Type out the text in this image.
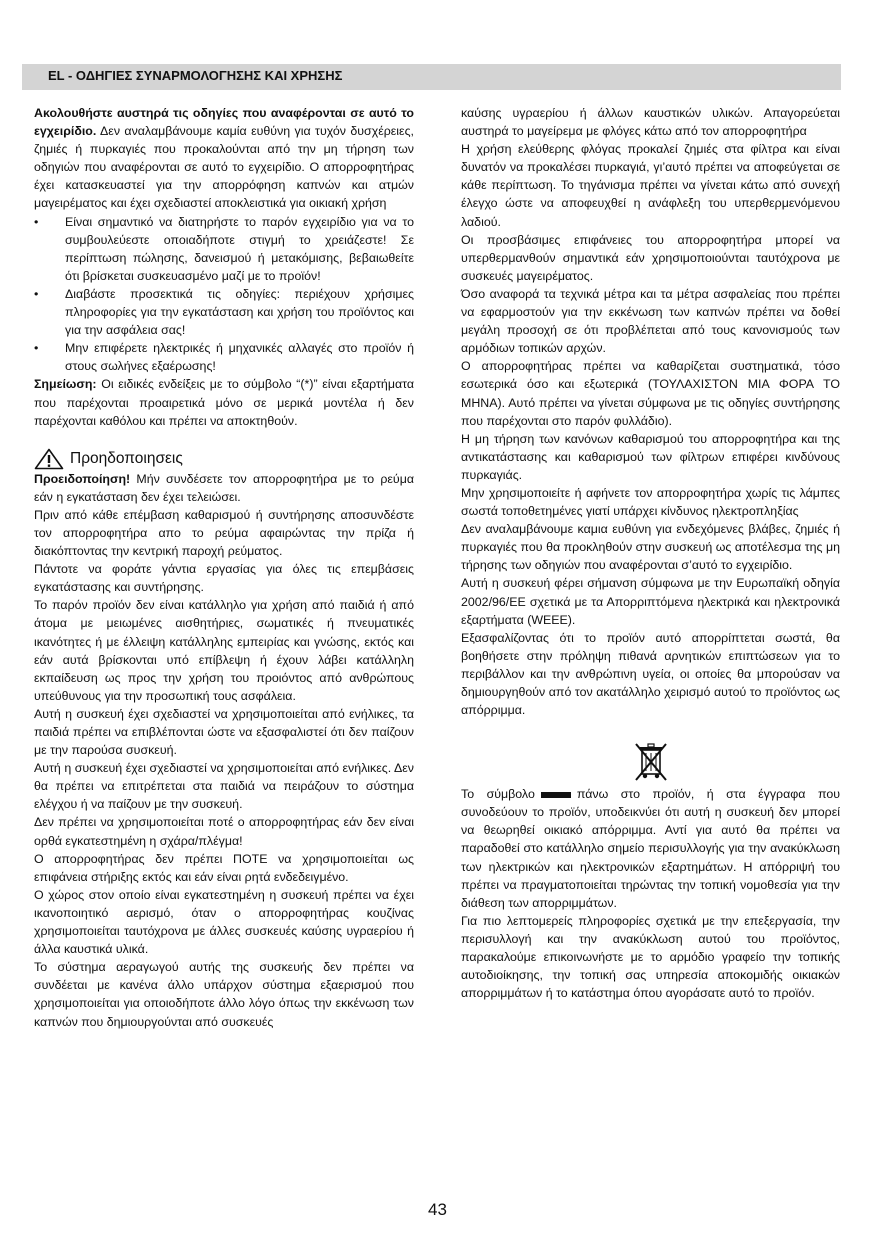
EL - ΟΔΗΓΙΕΣ ΣΥΝΑΡΜΟΛΟΓΗΣΗΣ ΚΑΙ ΧΡΗΣΗΣ

Ακολουθήστε αυστηρά τις οδηγίες που αναφέρονται σε αυτό το εγχειρίδιο. Δεν αναλαμβάνουμε καμία ευθύνη για τυχόν δυσχέρειες, ζημιές ή πυρκαγιές που προκαλούνται από την μη τήρηση των οδηγιών που αναφέρονται σε αυτό το εγχειρίδιο. Ο απορροφητήρας έχει κατασκευαστεί για την απορρόφηση καπνών και ατμών μαγειρέματος και έχει σχεδιαστεί αποκλειστικά για οικιακή χρήση

• Είναι σημαντικό να διατηρήστε το παρόν εγχειρίδιο για να το συμβουλεύεστε οποιαδήποτε στιγμή το χρειάζεστε! Σε περίπτωση πώλησης, δανεισμού ή μετακόμισης, βεβαιωθείτε ότι βρίσκεται συσκευασμένο μαζί με το προϊόν!
• Διαβάστε προσεκτικά τις οδηγίες: περιέχουν χρήσιμες πληροφορίες για την εγκατάσταση και χρήση του προϊόντος και για την ασφάλεια σας!
• Μην επιφέρετε ηλεκτρικές ή μηχανικές αλλαγές στο προϊόν ή στους σωλήνες εξαέρωσης!

Σημείωση: Οι ειδικές ενδείξεις με το σύμβολο “(*)” είναι εξαρτήματα που παρέχονται προαιρετικά μόνο σε μερικά μοντέλα ή δεν παρέχονται καθόλου και πρέπει να αποκτηθούν.

Προηδοποιησεις

Προειδοποίηση! Μήν συνδέσετε τον απορροφητήρα με το ρεύμα εάν η εγκατάσταση δεν έχει τελειώσει.

Πριν από κάθε επέμβαση καθαρισμού ή συντήρησης αποσυνδέστε τον απορροφητήρα απο το ρεύμα αφαιρώντας την πρίζα ή διακόπτοντας την κεντρική παροχή ρεύματος.

Πάντοτε να φοράτε γάντια εργασίας για όλες τις επεμβάσεις εγκατάστασης και συντήρησης.

Το παρόν προϊόν δεν είναι κατάλληλο για χρήση από παιδιά ή από άτομα με μειωμένες αισθητήριες, σωματικές ή πνευματικές ικανότητες ή με έλλειψη κατάλληλης εμπειρίας και γνώσης, εκτός και εάν αυτά βρίσκονται υπό επίβλεψη ή έχουν λάβει κατάλληλη εκπαίδευση ως προς την χρήση του προιόντος από ανθρώπους υπεύθυνους για την προσωπική τους ασφάλεια.

Αυτή η συσκευή έχει σχεδιαστεί να χρησιμοποιείται από ενήλικες, τα παιδιά πρέπει να επιβλέπονται ώστε να εξασφαλιστεί ότι δεν παίζουν με την παρούσα συσκευή.

Αυτή η συσκευή έχει σχεδιαστεί να χρησιμοποιείται από ενήλικες. Δεν θα πρέπει να επιτρέπεται στα παιδιά να πειράζουν το σύστημα ελέγχου ή να παίζουν με την συσκευή.

Δεν πρέπει να χρησιμοποιείται ποτέ ο απορροφητήρας εάν δεν είναι ορθά εγκατεστημένη η σχάρα/πλέγμα!

Ο απορροφητήρας δεν πρέπει ΠΟΤΕ να χρησιμοποιείται ως επιφάνεια στήριξης εκτός και εάν είναι ρητά ενδεδειγμένο.

Ο χώρος στον οποίο είναι εγκατεστημένη η συσκευή πρέπει να έχει ικανοποιητικό αερισμό, όταν ο απορροφητήρας κουζίνας χρησιμοποιείται ταυτόχρονα με άλλες συσκευές καύσης υγραερίου ή άλλα καυστικά υλικά.

Το σύστημα αεραγωγού αυτής της συσκευής δεν πρέπει να συνδέεται με κανένα άλλο υπάρχον σύστημα εξαερισμού που χρησιμοποιείται για οποιοδήποτε άλλο λόγο όπως την εκκένωση των καπνών που δημιουργούνται από συσκευές

καύσης υγραερίου ή άλλων καυστικών υλικών. Απαγορεύεται αυστηρά το μαγείρεμα με φλόγες κάτω από τον απορροφητήρα

Η χρήση ελεύθερης φλόγας προκαλεί ζημιές στα φίλτρα και είναι δυνατόν να προκαλέσει πυρκαγιά, γι’αυτό πρέπει να αποφεύγεται σε κάθε περίπτωση. Το τηγάνισμα πρέπει να γίνεται κάτω από συνεχή έλεγχο ώστε να αποφευχθεί η ανάφλεξη του υπερθερμενόμενου λαδιού.

Οι προσβάσιμες επιφάνειες του απορροφητήρα μπορεί να υπερθερμανθούν σημαντικά εάν χρησιμοποιούνται ταυτόχρονα με συσκευές μαγειρέματος.

Όσο αναφορά τα τεχνικά μέτρα και τα μέτρα ασφαλείας που πρέπει να εφαρμοστούν για την εκκένωση των καπνών πρέπει να δοθεί μεγάλη προσοχή σε ότι προβλέπεται από τους κανονισμούς των αρμόδιων τοπικών αρχών.

Ο απορροφητήρας πρέπει να καθαρίζεται συστηματικά, τόσο εσωτερικά όσο και εξωτερικά (ΤΟΥΛΑΧΙΣΤΟΝ ΜΙΑ ΦΟΡΑ ΤΟ ΜΗΝΑ). Αυτό πρέπει να γίνεται σύμφωνα με τις οδηγίες συντήρησης που παρέχονται στο παρόν φυλλάδιο).

Η μη τήρηση των κανόνων καθαρισμού του απορροφητήρα και της αντικατάστασης και καθαρισμού των φίλτρων επιφέρει κινδύνους πυρκαγιάς.

Μην χρησιμοποιείτε ή αφήνετε τον απορροφητήρα χωρίς τις λάμπες σωστά τοποθετημένες γιατί υπάρχει κίνδυνος ηλεκτροπληξίας

Δεν αναλαμβάνουμε καμια ευθύνη για ενδεχόμενες βλάβες, ζημιές ή πυρκαγιές που θα προκληθούν στην συσκευή ως αποτέλεσμα της μη τήρησης των οδηγιών που αναφέρονται σ’αυτό το εγχειρίδιο.

Αυτή η συσκευή φέρει σήμανση σύμφωνα με την Ευρωπαϊκή οδηγία 2002/96/ΕΕ σχετικά με τα Απορριπτόμενα ηλεκτρικά και ηλεκτρονικά εξαρτήματα (WEEE).

Εξασφαλίζοντας ότι το προϊόν αυτό απορρίπτεται σωστά, θα βοηθήσετε στην πρόληψη πιθανά αρνητικών επιπτώσεων για το περιβάλλον και την ανθρώπινη υγεία, οι οποίες θα μπορούσαν να δημιουργηθούν από τον ακατάλληλο χειρισμό αυτού το προϊόντος ως απόρριμμα.

Το σύμβολο	πάνω στο προϊόν, ή στα έγγραφα που συνοδεύουν το προϊόν, υποδεικνύει ότι αυτή η συσκευή δεν μπορεί να θεωρηθεί οικιακό απόρριμμα. Αντί για αυτό θα πρέπει να παραδοθεί στο κατάλληλο σημείο περισυλλογής για την ανακύκλωση των ηλεκτρικών και ηλεκτρονικών εξαρτημάτων. Η απόρριψή του πρέπει να πραγματοποιείται τηρώντας την τοπική νομοθεσία για την διάθεση των απορριμμάτων.

Για πιο λεπτομερείς πληροφορίες σχετικά με την επεξεργασία, την περισυλλογή και την ανακύκλωση αυτού του προϊόντος, παρακαλούμε επικοινωνήστε με το αρμόδιο γραφείο την τοπικής αυτοδιοίκησης, την τοπική σας υπηρεσία αποκομιδής οικιακών απορριμμάτων ή το κατάστημα όπου αγοράσατε αυτό το προϊόν.

43
